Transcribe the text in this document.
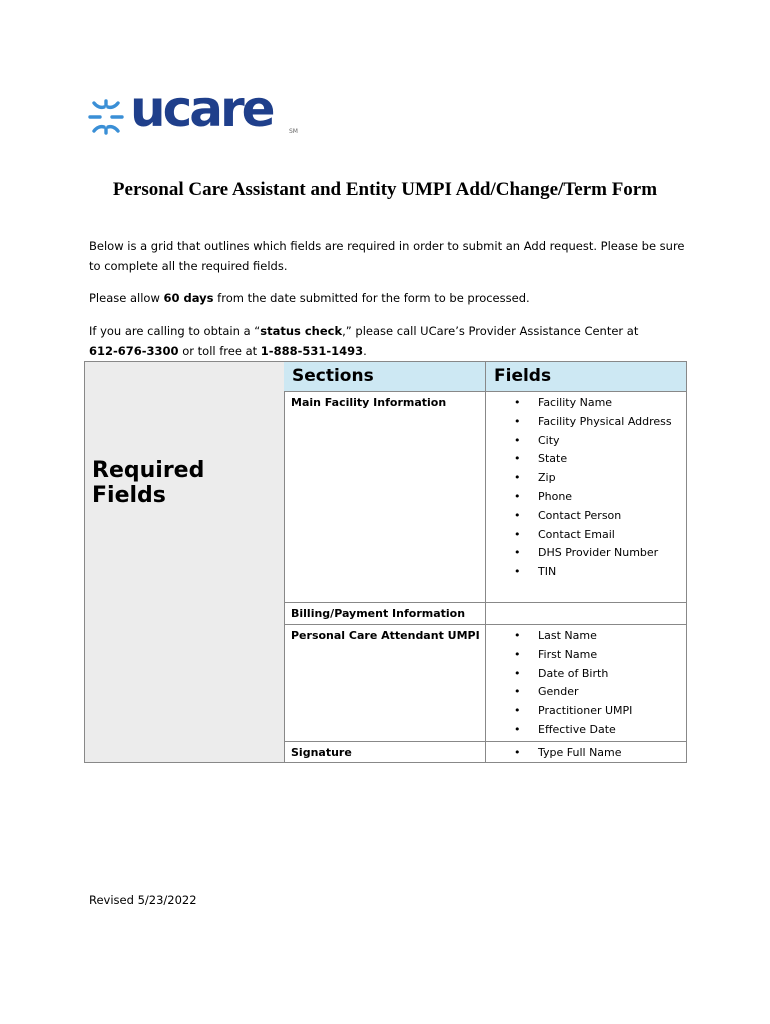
ucare	SM
Personal Care Assistant and Entity UMPI Add/Change/Term Form
Below is a grid that outlines which fields are required in order to submit an Add request. Please be sure to complete all the required fields.
Please allow 60 days from the date submitted for the form to be processed.
If you are calling to obtain a “status check,” please call UCare’s Provider Assistance Center at
612-676-3300 or toll free at 1-888-531-1493.
Required Fields
Sections	Fields
Main Facility Information	• Facility Name
• Facility Physical Address
• City
• State
• Zip
• Phone
• Contact Person
• Contact Email
• DHS Provider Number
• TIN
Billing/Payment Information
Personal Care Attendant UMPI	• Last Name
• First Name
• Date of Birth
• Gender
• Practitioner UMPI
• Effective Date
Signature	• Type Full Name
Revised 5/23/2022
